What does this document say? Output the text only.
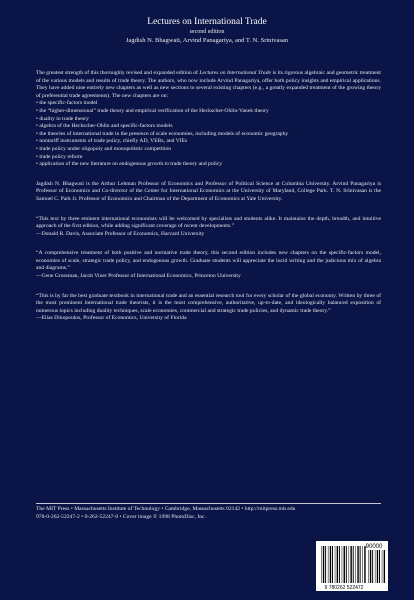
Lectures on International Trade
second edition
Jagdish N. Bhagwati, Arvind Panagariya, and T. N. Srinivasan

The greatest strength of this thoroughly revised and expanded edition of Lectures on International Trade is its rigorous algebraic and geometric treatment of the various models and results of trade theory. The authors, who now include Arvind Panagariya, offer both policy insights and empirical applications. They have added nine entirely new chapters as well as new sections to several existing chapters (e.g., a greatly expanded treatment of the growing theory of preferential trade agreements). The new chapters are on:

• the specific-factors model
• the “higher-dimensional” trade theory and empirical verification of the Heckscher-Ohlin-Vanek theory
• duality in trade theory
• algebra of the Heckscher-Ohlin and specific-factors models
• the theories of international trade in the presence of scale economies, including models of economic geography
• nontariff instruments of trade policy, chiefly AD, VERs, and VIEs
• trade policy under oligopoly and monopolistic competition
• trade policy reform
• application of the new literature on endogenous growth to trade theory and policy

Jagdish N. Bhagwati is the Arthur Lehman Professor of Economics and Professor of Political Science at Columbia University. Arvind Panagariya is Professor of Economics and Co-director of the Center for International Economics at the University of Maryland, College Park. T. N. Srinivasan is the Samuel C. Park Jr. Professor of Economics and Chairman of the Department of Economics at Yale University.

“This text by three eminent international economists will be welcomed by specialists and students alike. It maintains the depth, breadth, and intuitive approach of the first edition, while adding significant coverage of recent developments.”

—Donald R. Davis, Associate Professor of Economics, Harvard University

“A comprehensive treatment of both positive and normative trade theory, this second edition includes new chapters on the specific-factors model, economies of scale, strategic trade policy, and endogenous growth. Graduate students will appreciate the lucid writing and the judicious mix of algebra and diagrams.”

—Gene Grossman, Jacob Viner Professor of International Economics, Princeton University

“This is by far the best graduate textbook in international trade and an essential research tool for every scholar of the global economy. Written by three of the most prominent international trade theorists, it is the most comprehensive, authoritative, up-to-date, and ideologically balanced exposition of numerous topics including duality techniques, scale economies, commercial and strategic trade policies, and dynamic trade theory.”

—Elias Dinopoulos, Professor of Economics, University of Florida

The MIT Press • Massachusetts Institute of Technology • Cambridge, Massachusetts 02142 • http://mitpress.mit.edu
978-0-262-52247-2 • 0-262-52247-0 • Cover image © 1998 PhotoDisc, Inc.
90000
9 780262 522472
